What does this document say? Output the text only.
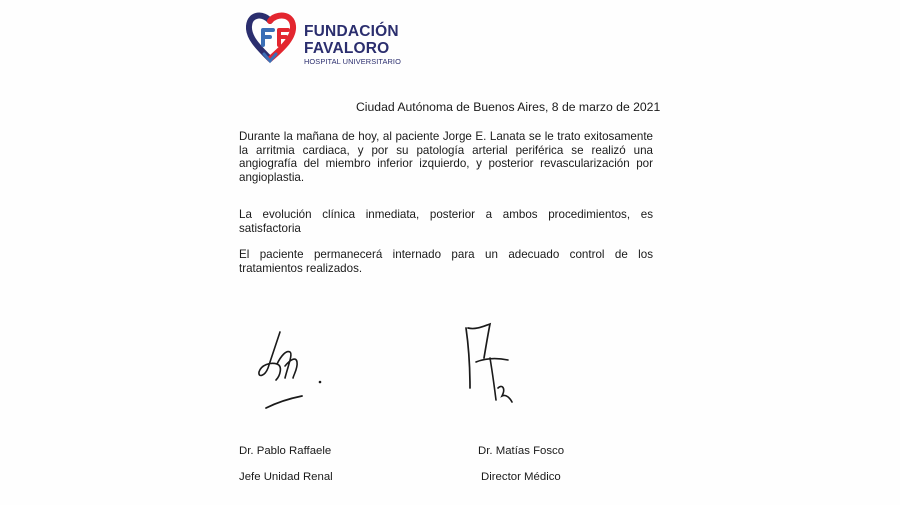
FUNDACIÓN
FAVALORO
HOSPITAL UNIVERSITARIO
Ciudad Autónoma de Buenos Aires, 8 de marzo de 2021
Durante la mañana de hoy, al paciente Jorge E. Lanata se le trato exitosamente la arritmia cardiaca, y por su patología arterial periférica se realizó una angiografía del miembro inferior izquierdo, y posterior revascularización por angioplastia.
La evolución clínica inmediata, posterior a ambos procedimientos, es satisfactoria
El paciente permanecerá internado para un adecuado control de los tratamientos realizados.
Dr. Pablo Raffaele
Jefe Unidad Renal
Dr. Matías Fosco
Director Médico
